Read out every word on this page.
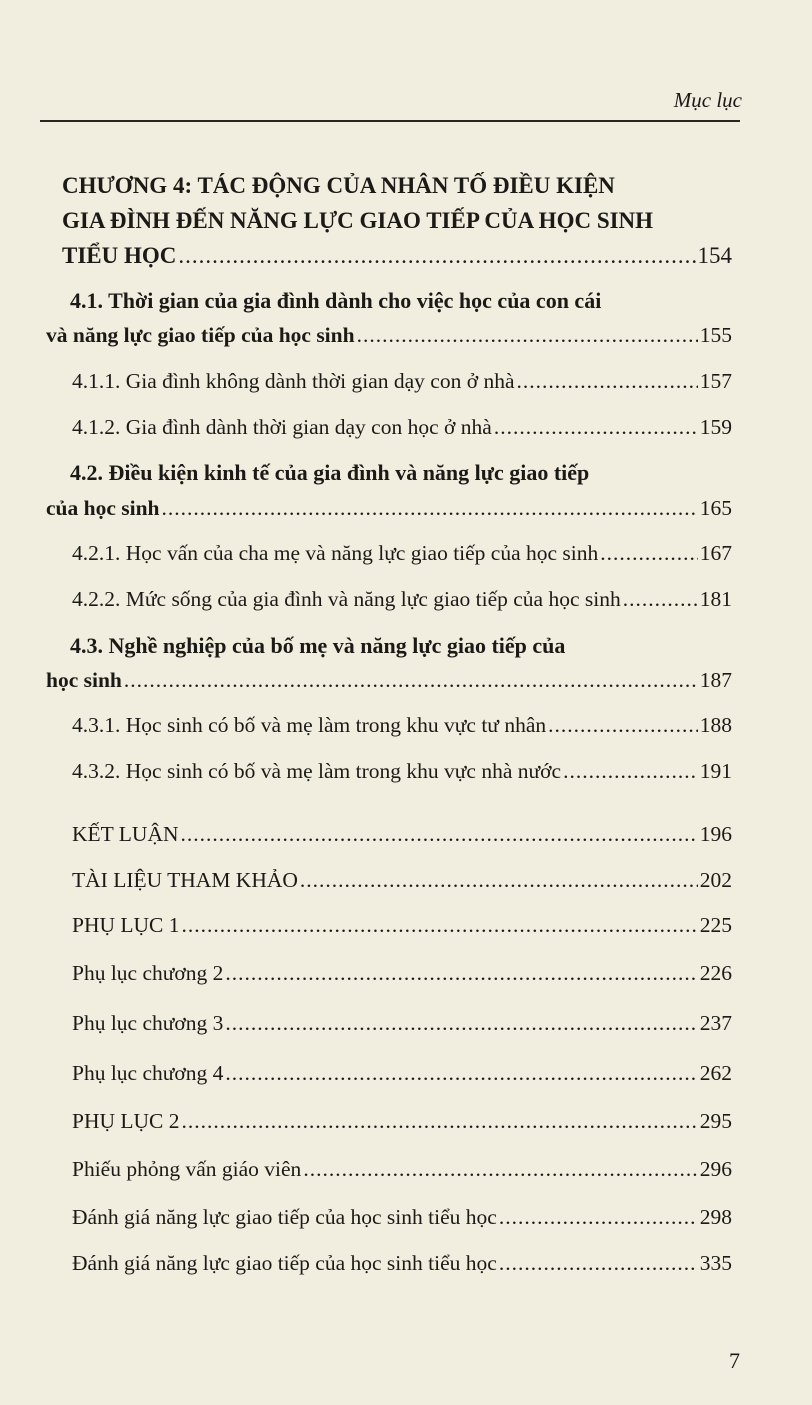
Mục lục
CHƯƠNG 4: TÁC ĐỘNG CỦA NHÂN TỐ ĐIỀU KIỆN
GIA ĐÌNH ĐẾN NĂNG LỰC GIAO TIẾP CỦA HỌC SINH
TIỂU HỌC .....	154
4.1. Thời gian của gia đình dành cho việc học của con cái
và năng lực giao tiếp của học sinh .....	155
4.1.1. Gia đình không dành thời gian dạy con ở nhà .....	157
4.1.2. Gia đình dành thời gian dạy con học ở nhà .....	159
4.2. Điều kiện kinh tế của gia đình và năng lực giao tiếp
của học sinh .....	165
4.2.1. Học vấn của cha mẹ và năng lực giao tiếp của học sinh .....	167
4.2.2. Mức sống của gia đình và năng lực giao tiếp của học sinh .....	181
4.3. Nghề nghiệp của bố mẹ và năng lực giao tiếp của
học sinh .....	187
4.3.1. Học sinh có bố và mẹ làm trong khu vực tư nhân .....	188
4.3.2. Học sinh có bố và mẹ làm trong khu vực nhà nước .....	191
KẾT LUẬN .....	196
TÀI LIỆU THAM KHẢO .....	202
PHỤ LỤC 1 .....	225
Phụ lục chương 2 .....	226
Phụ lục chương 3 .....	237
Phụ lục chương 4 .....	262
PHỤ LỤC 2 .....	295
Phiếu phỏng vấn giáo viên .....	296
Đánh giá năng lực giao tiếp của học sinh tiểu học .....	298
Đánh giá năng lực giao tiếp của học sinh tiểu học .....	335
7
